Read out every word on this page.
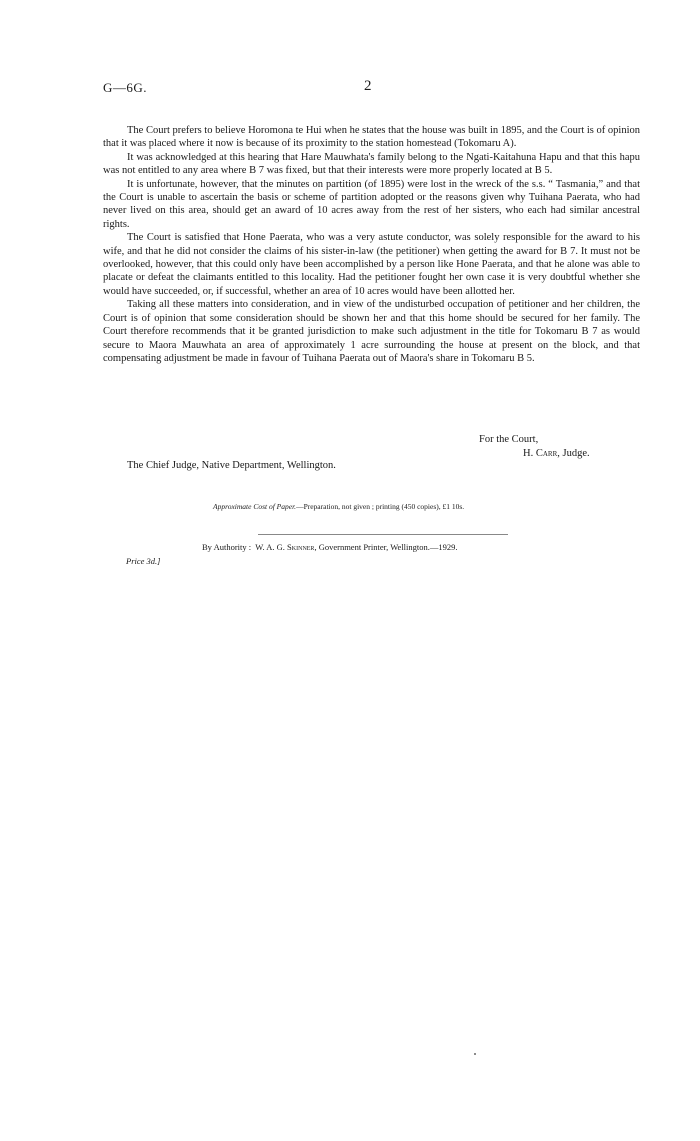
G—6G.	2

The Court prefers to believe Horomona te Hui when he states that the house was built in 1895, and the Court is of opinion that it was placed where it now is because of its proximity to the station homestead (Tokomaru A).

It was acknowledged at this hearing that Hare Mauwhata's family belong to the Ngati-Kaitahuna Hapu and that this hapu was not entitled to any area where B 7 was fixed, but that their interests were more properly located at B 5.

It is unfortunate, however, that the minutes on partition (of 1895) were lost in the wreck of the s.s. “ Tasmania,” and that the Court is unable to ascertain the basis or scheme of partition adopted or the reasons given why Tuihana Paerata, who had never lived on this area, should get an award of 10 acres away from the rest of her sisters, who each had similar ancestral rights.

The Court is satisfied that Hone Paerata, who was a very astute conductor, was solely responsible for the award to his wife, and that he did not consider the claims of his sister-in-law (the petitioner) when getting the award for B 7. It must not be overlooked, however, that this could only have been accomplished by a person like Hone Paerata, and that he alone was able to placate or defeat the claimants entitled to this locality. Had the petitioner fought her own case it is very doubtful whether she would have succeeded, or, if successful, whether an area of 10 acres would have been allotted her.

Taking all these matters into consideration, and in view of the undisturbed occupation of petitioner and her children, the Court is of opinion that some consideration should be shown her and that this home should be secured for her family. The Court therefore recommends that it be granted jurisdiction to make such adjustment in the title for Tokomaru B 7 as would secure to Maora Mauwhata an area of approximately 1 acre surrounding the house at present on the block, and that compensating adjustment be made in favour of Tuihana Paerata out of Maora's share in Tokomaru B 5.

For the Court,
H. Carr, Judge.
The Chief Judge, Native Department, Wellington.
Approximate Cost of Paper.—Preparation, not given ; printing (450 copies), £1 10s.
By Authority : W. A. G. Skinner, Government Printer, Wellington.—1929.
Price 3d.]
